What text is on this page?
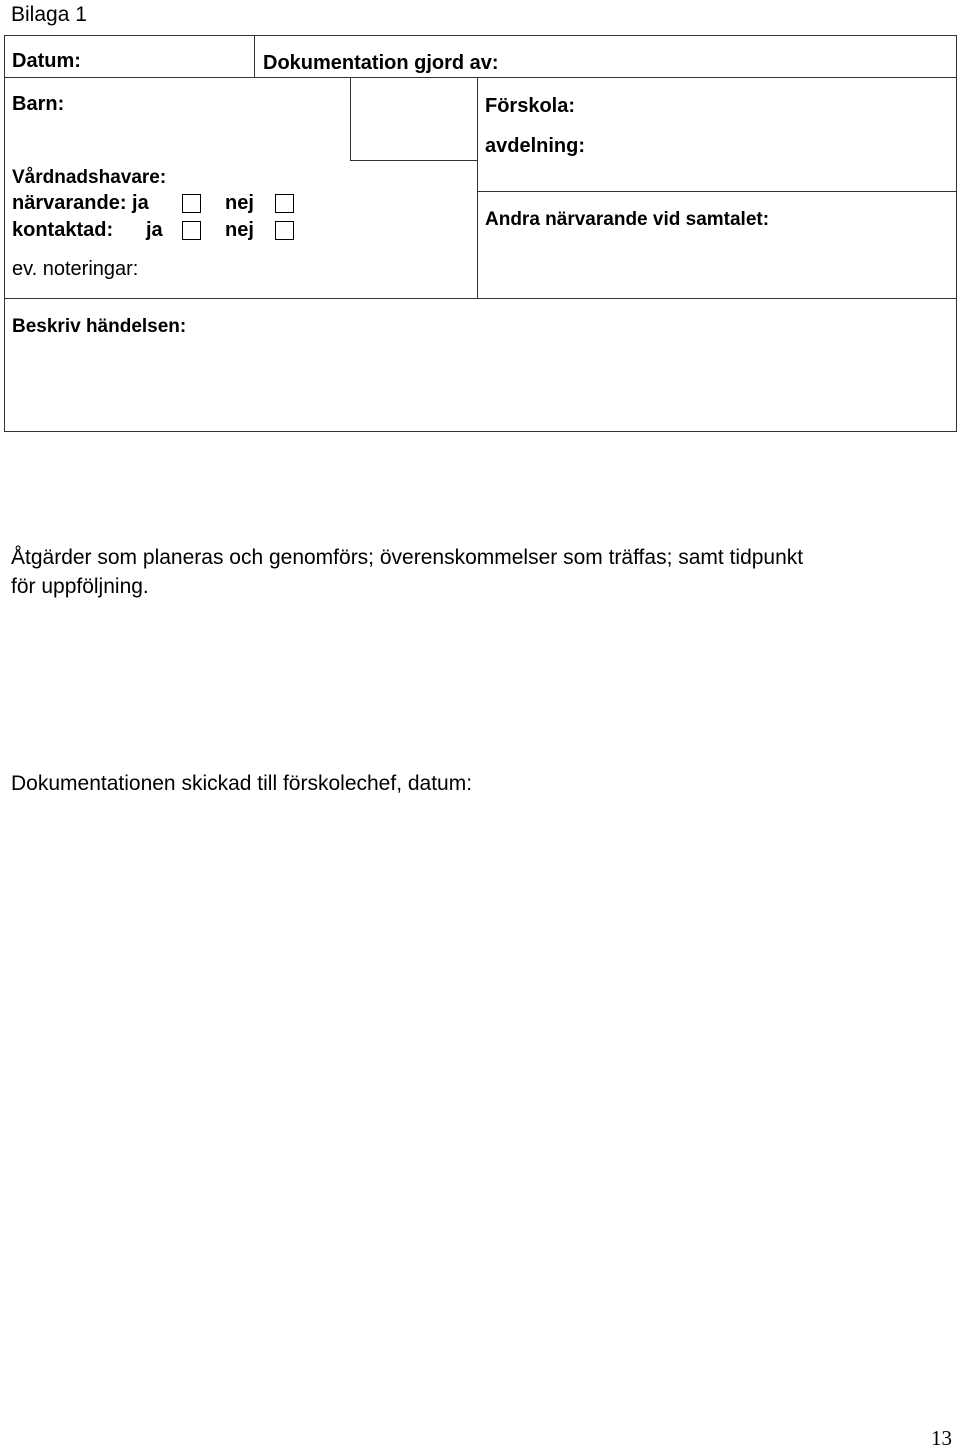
Bilaga 1
Datum:	Dokumentation gjord av:
Barn:	Förskola:
avdelning:
Vårdnadshavare:
närvarande: ja	nej
kontaktad: ja	nej
ev. noteringar:
Andra närvarande vid samtalet:
Beskriv händelsen:
Åtgärder som planeras och genomförs; överenskommelser som träffas; samt tidpunkt
för uppföljning.
Dokumentationen skickad till förskolechef, datum:
13
